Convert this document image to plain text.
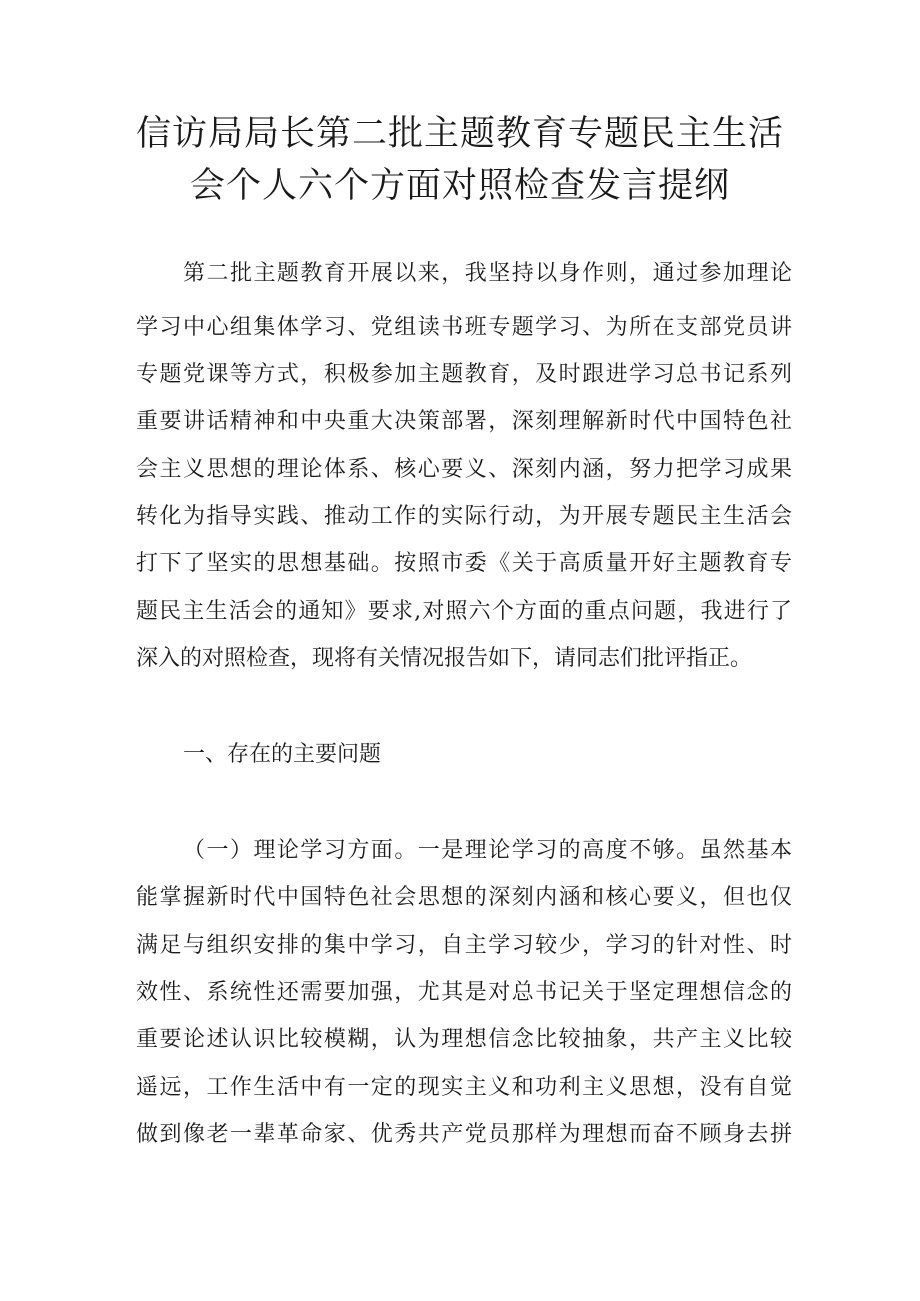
信访局局长第二批主题教育专题民主生活
会个人六个方面对照检查发言提纲
第二批主题教育开展以来，我坚持以身作则，通过参加理论
学习中心组集体学习、党组读书班专题学习、为所在支部党员讲
专题党课等方式，积极参加主题教育，及时跟进学习总书记系列
重要讲话精神和中央重大决策部署，深刻理解新时代中国特色社
会主义思想的理论体系、核心要义、深刻内涵，努力把学习成果
转化为指导实践、推动工作的实际行动，为开展专题民主生活会
打下了坚实的思想基础。按照市委《关于高质量开好主题教育专
题民主生活会的通知》要求,对照六个方面的重点问题，我进行了
深入的对照检查，现将有关情况报告如下，请同志们批评指正。
一、存在的主要问题
（一）理论学习方面。一是理论学习的高度不够。虽然基本
能掌握新时代中国特色社会思想的深刻内涵和核心要义，但也仅
满足与组织安排的集中学习，自主学习较少，学习的针对性、时
效性、系统性还需要加强，尤其是对总书记关于坚定理想信念的
重要论述认识比较模糊，认为理想信念比较抽象，共产主义比较
遥远，工作生活中有一定的现实主义和功利主义思想，没有自觉
做到像老一辈革命家、优秀共产党员那样为理想而奋不顾身去拼
